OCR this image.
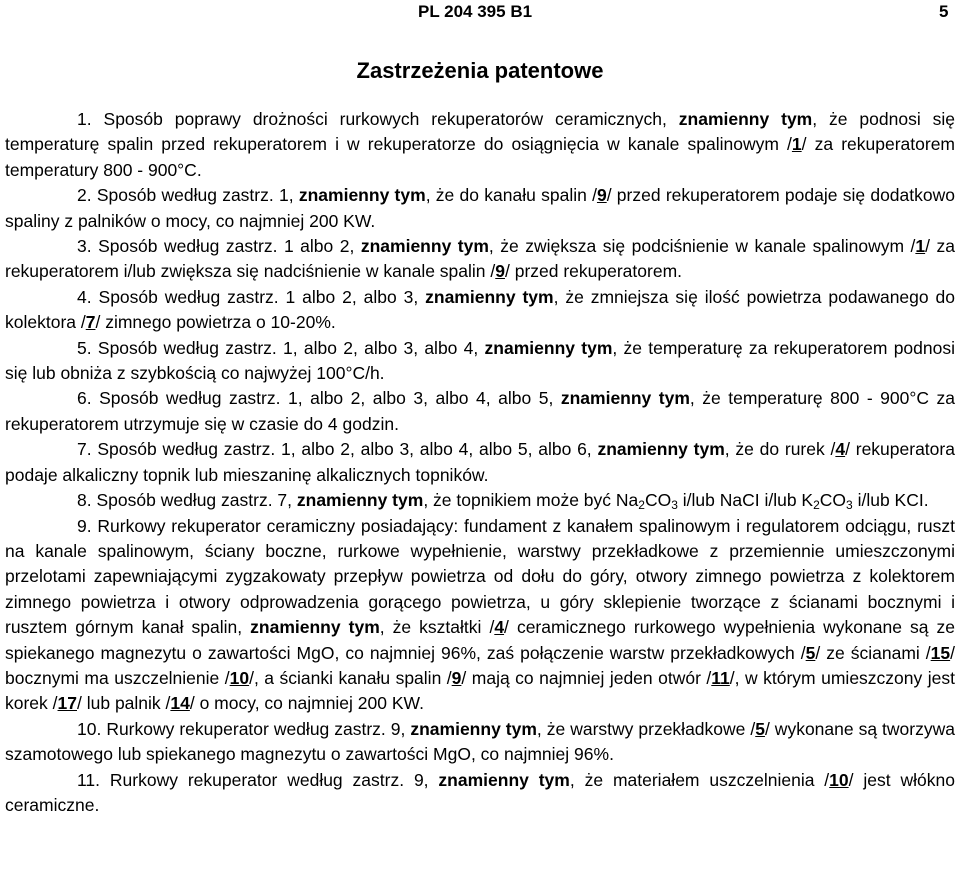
PL 204 395 B1	5
Zastrzeżenia patentowe

1. Sposób poprawy drożności rurkowych rekuperatorów ceramicznych, znamienny tym, że podnosi się temperaturę spalin przed rekuperatorem i w rekuperatorze do osiągnięcia w kanale spalinowym /1/ za rekuperatorem temperatury 800 - 900°C.

2. Sposób według zastrz. 1, znamienny tym, że do kanału spalin /9/ przed rekuperatorem podaje się dodatkowo spaliny z palników o mocy, co najmniej 200 KW.

3. Sposób według zastrz. 1 albo 2, znamienny tym, że zwiększa się podciśnienie w kanale spalinowym /1/ za rekuperatorem i/lub zwiększa się nadciśnienie w kanale spalin /9/ przed rekuperatorem.

4. Sposób według zastrz. 1 albo 2, albo 3, znamienny tym, że zmniejsza się ilość powietrza podawanego do kolektora /7/ zimnego powietrza o 10-20%.

5. Sposób według zastrz. 1, albo 2, albo 3, albo 4, znamienny tym, że temperaturę za rekuperatorem podnosi się lub obniża z szybkością co najwyżej 100°C/h.

6. Sposób według zastrz. 1, albo 2, albo 3, albo 4, albo 5, znamienny tym, że temperaturę 800 - 900°C za rekuperatorem utrzymuje się w czasie do 4 godzin.

7. Sposób według zastrz. 1, albo 2, albo 3, albo 4, albo 5, albo 6, znamienny tym, że do rurek /4/ rekuperatora podaje alkaliczny topnik lub mieszaninę alkalicznych topników.

8. Sposób według zastrz. 7, znamienny tym, że topnikiem może być $Na_2CO_3$ i/lub NaCI i/lub $K_2CO_3$ i/lub KCI.

9. Rurkowy rekuperator ceramiczny posiadający: fundament z kanałem spalinowym i regulatorem odciągu, ruszt na kanale spalinowym, ściany boczne, rurkowe wypełnienie, warstwy przekładkowe z przemiennie umieszczonymi przelotami zapewniającymi zygzakowaty przepływ powietrza od dołu do góry, otwory zimnego powietrza z kolektorem zimnego powietrza i otwory odprowadzenia gorącego powietrza, u góry sklepienie tworzące z ścianami bocznymi i rusztem górnym kanał spalin, znamienny tym, że kształtki /4/ ceramicznego rurkowego wypełnienia wykonane są ze spiekanego magnezytu o zawartości MgO, co najmniej 96%, zaś połączenie warstw przekładkowych /5/ ze ścianami /15/ bocznymi ma uszczelnienie /10/, a ścianki kanału spalin /9/ mają co najmniej jeden otwór /11/, w którym umieszczony jest korek /17/ lub palnik /14/ o mocy, co najmniej 200 KW.

10. Rurkowy rekuperator według zastrz. 9, znamienny tym, że warstwy przekładkowe /5/ wykonane są tworzywa szamotowego lub spiekanego magnezytu o zawartości MgO, co najmniej 96%.

11. Rurkowy rekuperator według zastrz. 9, znamienny tym, że materiałem uszczelnienia /10/ jest włókno ceramiczne.
